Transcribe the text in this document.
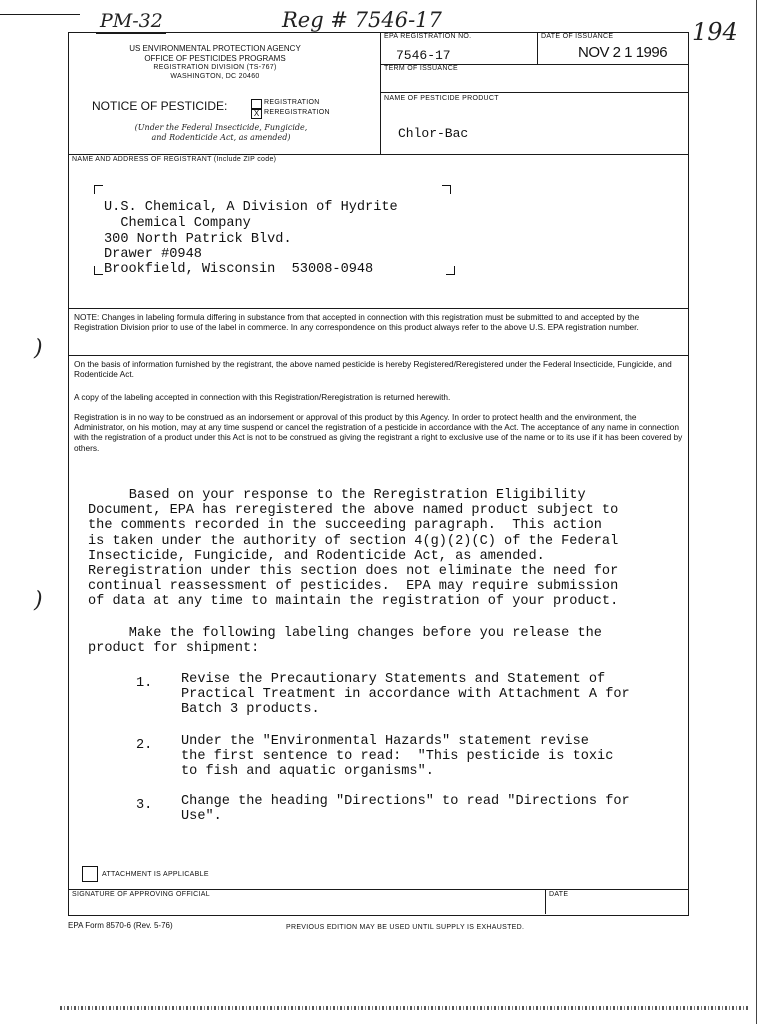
PM-32	Reg # 7546-17	194
US ENVIRONMENTAL PROTECTION AGENCY
OFFICE OF PESTICIDES PROGRAMS
REGISTRATION DIVISION (TS-767)
WASHINGTON, DC 20460
NOTICE OF PESTICIDE:	REGISTRATION
X REREGISTRATION
(Under the Federal Insecticide, Fungicide,
and Rodenticide Act, as amended)
EPA REGISTRATION NO.
7546-17
DATE OF ISSUANCE
NOV 2 1 1996
TERM OF ISSUANCE
NAME OF PESTICIDE PRODUCT
Chlor-Bac
NAME AND ADDRESS OF REGISTRANT (Include ZIP code)
U.S. Chemical, A Division of Hydrite
Chemical Company
300 North Patrick Blvd.
Drawer #0948
Brookfield, Wisconsin  53008-0948
NOTE: Changes in labeling formula differing in substance from that accepted in connection with this registration must be submitted to and accepted by the Registration Division prior to use of the label in commerce. In any correspondence on this product always refer to the above U.S. EPA registration number.
On the basis of information furnished by the registrant, the above named pesticide is hereby Registered/Reregistered under the Federal Insecticide, Fungicide, and Rodenticide Act.
A copy of the labeling accepted in connection with this Registration/Reregistration is returned herewith.
Registration is in no way to be construed as an indorsement or approval of this product by this Agency. In order to protect health and the environment, the Administrator, on his motion, may at any time suspend or cancel the registration of a pesticide in accordance with the Act. The acceptance of any name in connection with the registration of a product under this Act is not to be construed as giving the registrant a right to exclusive use of the name or to its use if it has been covered by others.
Based on your response to the Reregistration Eligibility
Document, EPA has reregistered the above named product subject to
the comments recorded in the succeeding paragraph.  This action
is taken under the authority of section 4(g)(2)(C) of the Federal
Insecticide, Fungicide, and Rodenticide Act, as amended.
Reregistration under this section does not eliminate the need for
continual reassessment of pesticides.  EPA may require submission
of data at any time to maintain the registration of your product.
Make the following labeling changes before you release the
product for shipment:
1. Revise the Precautionary Statements and Statement of
Practical Treatment in accordance with Attachment A for
Batch 3 products.
2. Under the "Environmental Hazards" statement revise
the first sentence to read:  "This pesticide is toxic
to fish and aquatic organisms".
3. Change the heading "Directions" to read "Directions for
Use".
ATTACHMENT IS APPLICABLE
SIGNATURE OF APPROVING OFFICIAL	DATE
EPA Form 8570-6 (Rev. 5-76)	PREVIOUS EDITION MAY BE USED UNTIL SUPPLY IS EXHAUSTED.
)
)
